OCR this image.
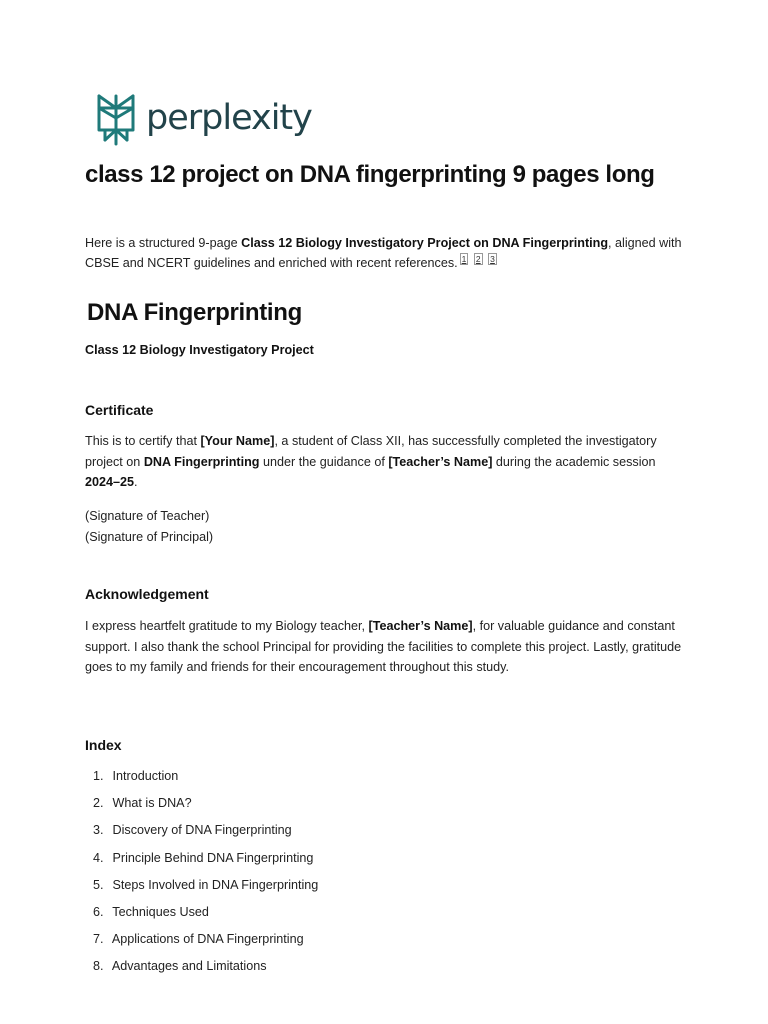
perplexity
class 12 project on DNA fingerprinting 9 pages long

Here is a structured 9-page Class 12 Biology Investigatory Project on DNA Fingerprinting, aligned with CBSE and NCERT guidelines and enriched with recent references. $^1$ $^2$ $^3$

DNA Fingerprinting

Class 12 Biology Investigatory Project

Certificate

This is to certify that [Your Name], a student of Class XII, has successfully completed the investigatory project on DNA Fingerprinting under the guidance of [Teacher’s Name] during the academic session 2024–25.

(Signature of Teacher)

(Signature of Principal)

Acknowledgement

I express heartfelt gratitude to my Biology teacher, [Teacher’s Name], for valuable guidance and constant support. I also thank the school Principal for providing the facilities to complete this project. Lastly, gratitude goes to my family and friends for their encouragement throughout this study.

Index
1. Introduction
2. What is DNA?
3. Discovery of DNA Fingerprinting
4. Principle Behind DNA Fingerprinting
5. Steps Involved in DNA Fingerprinting
6. Techniques Used
7. Applications of DNA Fingerprinting
8. Advantages and Limitations
